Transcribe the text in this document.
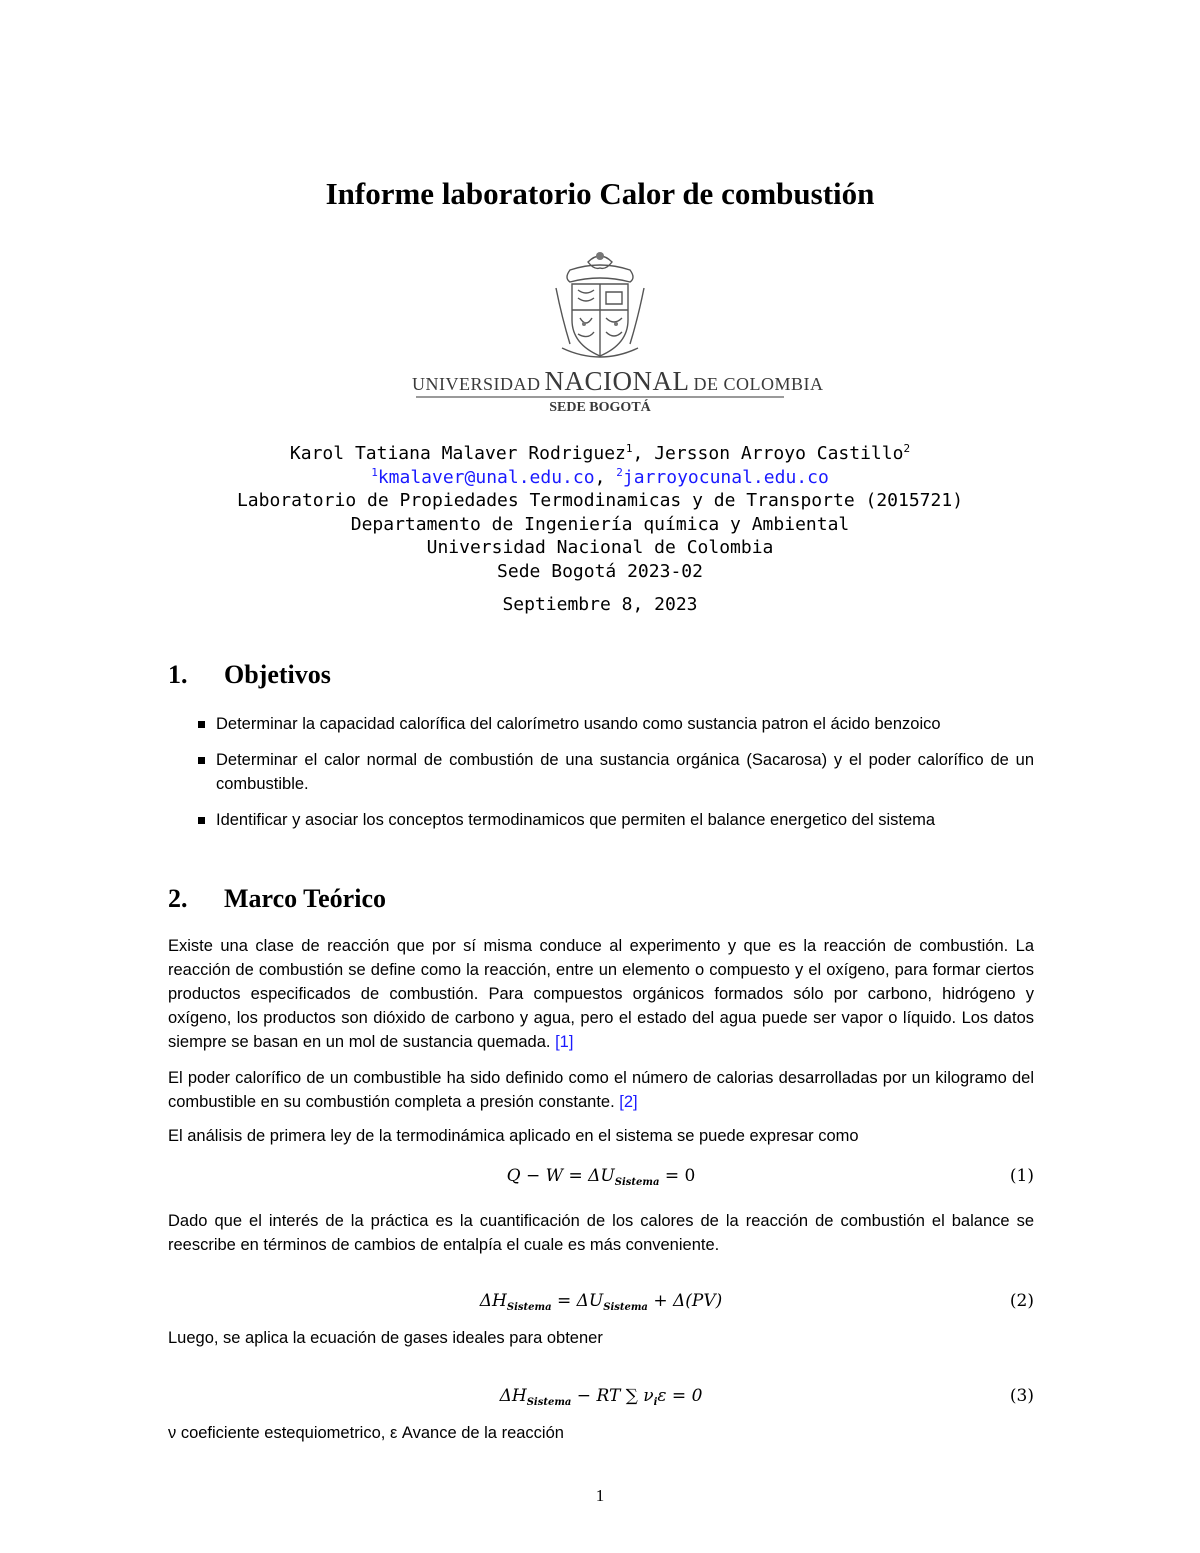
Informe laboratorio Calor de combustión
UNIVERSIDAD NACIONAL DE COLOMBIA
SEDE BOGOTÁ
Karol Tatiana Malaver Rodriguez$^1$, Jersson Arroyo Castillo$^2$
$^1$kmalaver@unal.edu.co, $^2$jarroyocunal.edu.co
Laboratorio de Propiedades Termodinamicas y de Transporte (2015721)
Departamento de Ingeniería química y Ambiental
Universidad Nacional de Colombia
Sede Bogotá 2023-02
Septiembre 8, 2023
1. Objetivos
Determinar la capacidad calorífica del calorímetro usando como sustancia patron el ácido benzoico
Determinar el calor normal de combustión de una sustancia orgánica (Sacarosa) y el poder calorífico de un combustible.
Identificar y asociar los conceptos termodinamicos que permiten el balance energetico del sistema
2. Marco Teórico

Existe una clase de reacción que por sí misma conduce al experimento y que es la reacción de combustión. La reacción de combustión se define como la reacción, entre un elemento o compuesto y el oxígeno, para formar ciertos productos especificados de combustión. Para compuestos orgánicos formados sólo por carbono, hidrógeno y oxígeno, los productos son dióxido de carbono y agua, pero el estado del agua puede ser vapor o líquido. Los datos siempre se basan en un mol de sustancia quemada. [1]

El poder calorífico de un combustible ha sido definido como el número de calorias desarrolladas por un kilogramo del combustible en su combustión completa a presión constante. [2]

El análisis de primera ley de la termodinámica aplicado en el sistema se puede expresar como

$Q - W = \Delta U_{Sistema} = 0$	(1)

Dado que el interés de la práctica es la cuantificación de los calores de la reacción de combustión el balance se reescribe en términos de cambios de entalpía el cuale es más conveniente.

$\Delta H_{Sistema} = \Delta U_{Sistema} + \Delta(PV)$	(2)

Luego, se aplica la ecuación de gases ideales para obtener

$\Delta H_{Sistema}$ − RT ∑ $\nu_i\varepsilon = 0$	(3)
ν coeficiente estequiometrico, ε Avance de la reacción
1
